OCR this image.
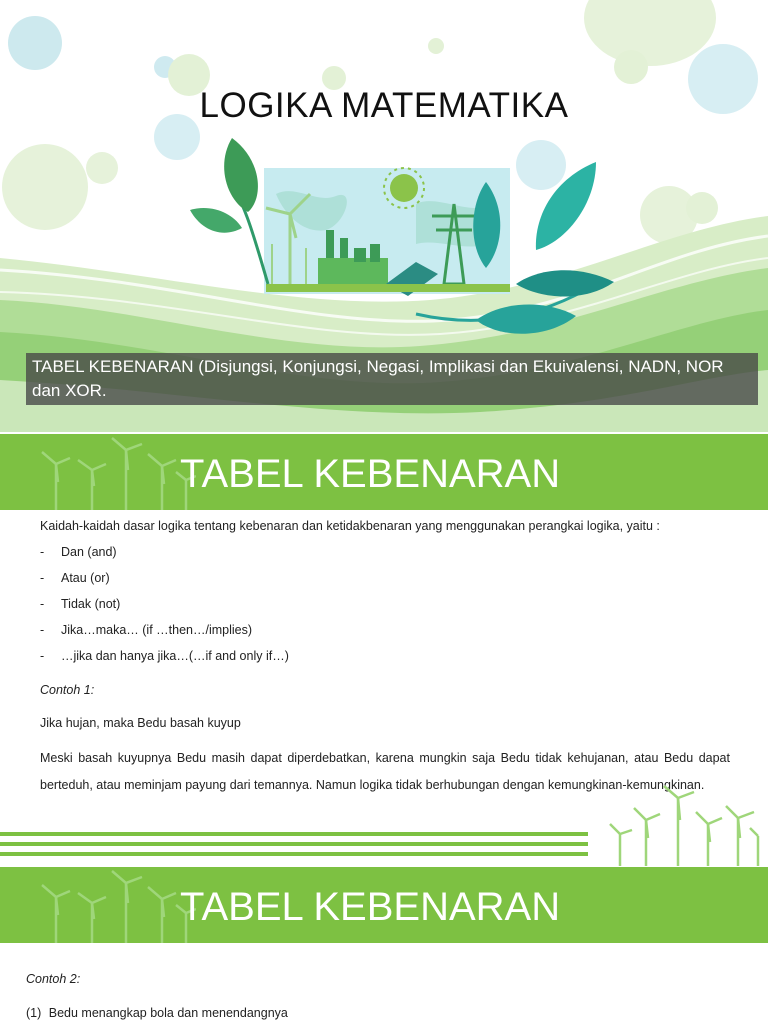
LOGIKA MATEMATIKA
TABEL KEBENARAN (Disjungsi, Konjungsi, Negasi, Implikasi dan Ekuivalensi, NADN, NOR dan XOR.
TABEL KEBENARAN
Kaidah-kaidah dasar logika tentang kebenaran dan ketidakbenaran yang menggunakan perangkai logika, yaitu :
- Dan (and)
- Atau (or)
- Tidak (not)
- Jika…maka… (if …then…/implies)
- …jika dan hanya jika…(…if and only if…)
Contoh 1:
Jika hujan, maka Bedu basah kuyup
Meski basah kuyupnya Bedu masih dapat diperdebatkan, karena mungkin saja Bedu tidak kehujanan, atau Bedu dapat berteduh, atau meminjam payung dari temannya. Namun logika tidak berhubungan dengan kemungkinan-kemungkinan.
TABEL KEBENARAN
Contoh 2:
(1) Bedu menangkap bola dan menendangnya
